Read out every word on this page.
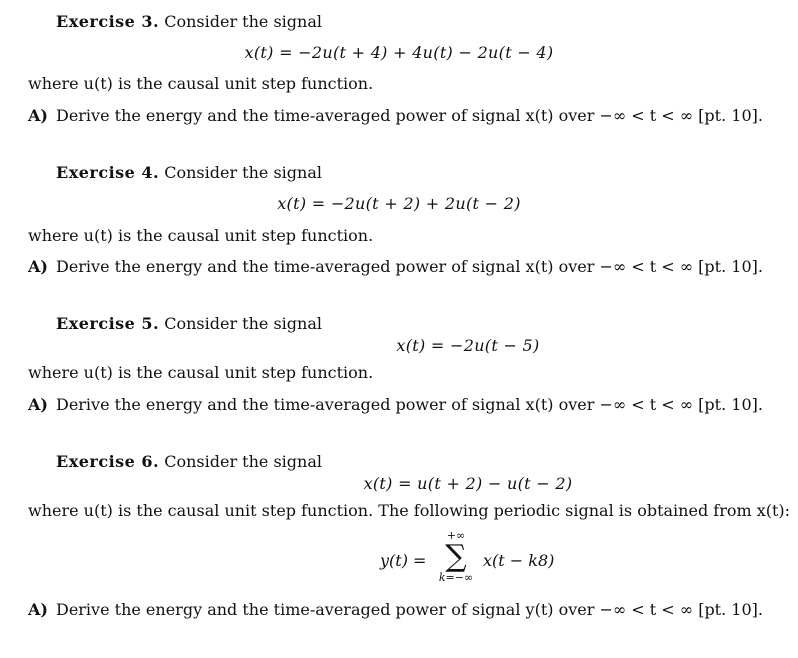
Exercise 3. Consider the signal
x(t) = −2u(t + 4) + 4u(t) − 2u(t − 4)
where u(t) is the causal unit step function.
A) Derive the energy and the time-averaged power of signal x(t) over −∞ < t < ∞ [pt. 10].
Exercise 4. Consider the signal
x(t) = −2u(t + 2) + 2u(t − 2)
where u(t) is the causal unit step function.
A) Derive the energy and the time-averaged power of signal x(t) over −∞ < t < ∞ [pt. 10].
Exercise 5. Consider the signal
x(t) = −2u(t − 5)
where u(t) is the causal unit step function.
A) Derive the energy and the time-averaged power of signal x(t) over −∞ < t < ∞ [pt. 10].
Exercise 6. Consider the signal
x(t) = u(t + 2) − u(t − 2)
where u(t) is the causal unit step function. The following periodic signal is obtained from x(t):
y(t) =
+∞
∑
k=−∞
x(t − k8)
A) Derive the energy and the time-averaged power of signal y(t) over −∞ < t < ∞ [pt. 10].
